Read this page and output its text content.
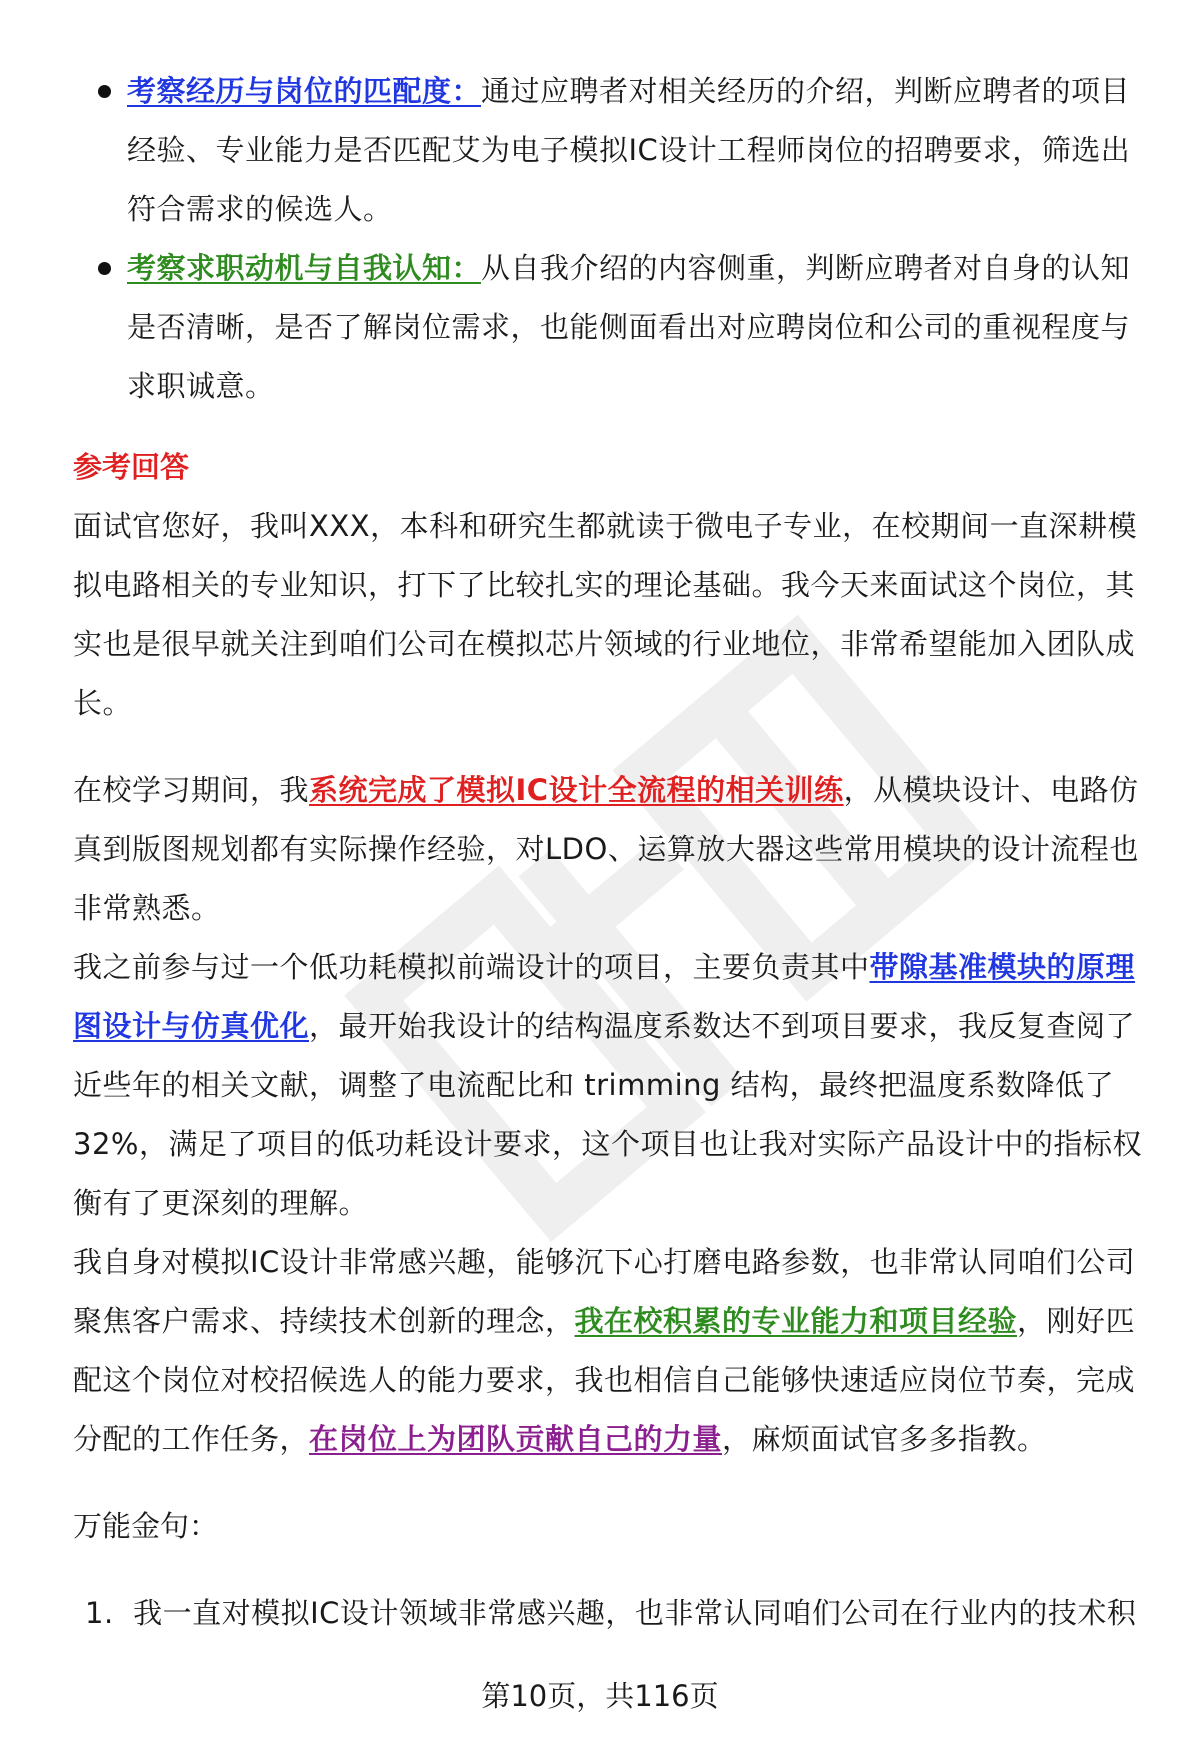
考察经历与岗位的匹配度：通过应聘者对相关经历的介绍，判断应聘者的项目经验、专业能力是否匹配艾为电子模拟IC设计工程师岗位的招聘要求，筛选出符合需求的候选人。
考察求职动机与自我认知：从自我介绍的内容侧重，判断应聘者对自身的认知是否清晰，是否了解岗位需求，也能侧面看出对应聘岗位和公司的重视程度与求职诚意。
参考回答

面试官您好，我叫XXX，本科和研究生都就读于微电子专业，在校期间一直深耕模拟电路相关的专业知识，打下了比较扎实的理论基础。我今天来面试这个岗位，其实也是很早就关注到咱们公司在模拟芯片领域的行业地位，非常希望能加入团队成长。

在校学习期间，我系统完成了模拟IC设计全流程的相关训练，从模块设计、电路仿真到版图规划都有实际操作经验，对LDO、运算放大器这些常用模块的设计流程也非常熟悉。

我之前参与过一个低功耗模拟前端设计的项目，主要负责其中带隙基准模块的原理图设计与仿真优化，最开始我设计的结构温度系数达不到项目要求，我反复查阅了近些年的相关文献，调整了电流配比和 trimming 结构，最终把温度系数降低了32%，满足了项目的低功耗设计要求，这个项目也让我对实际产品设计中的指标权衡有了更深刻的理解。

我自身对模拟IC设计非常感兴趣，能够沉下心打磨电路参数，也非常认同咱们公司聚焦客户需求、持续技术创新的理念，我在校积累的专业能力和项目经验，刚好匹配这个岗位对校招候选人的能力要求，我也相信自己能够快速适应岗位节奏，完成分配的工作任务，在岗位上为团队贡献自己的力量，麻烦面试官多多指教。

万能金句：
1. 我一直对模拟IC设计领域非常感兴趣，也非常认同咱们公司在行业内的技术积
第10页，共116页
